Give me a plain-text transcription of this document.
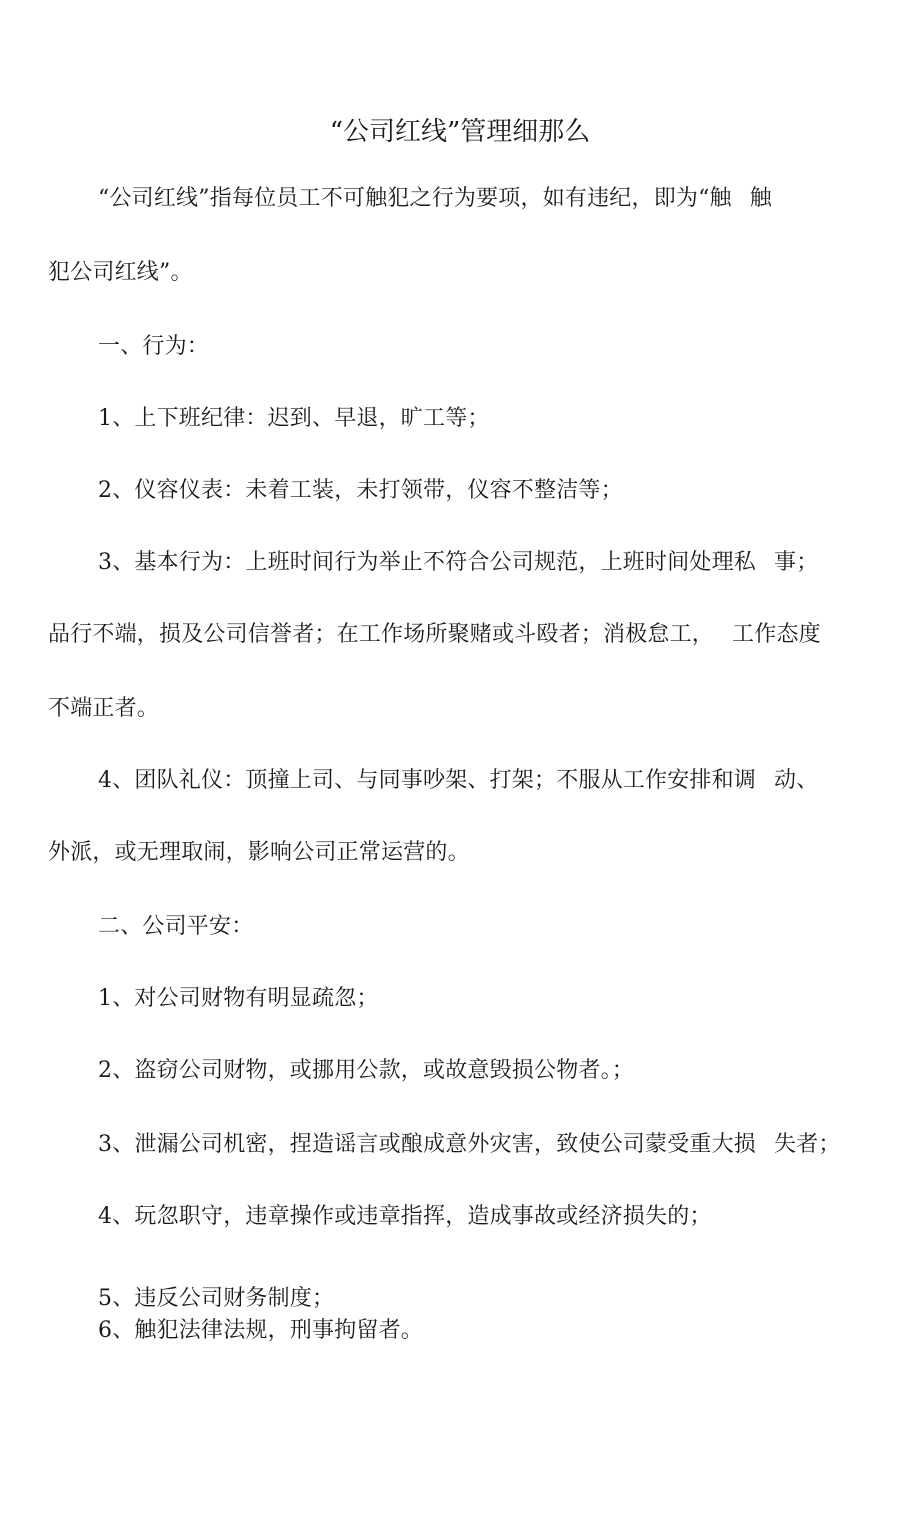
“公司红线”管理细那么
“公司红线”指每位员工不可触犯之行为要项，如有违纪，即为“触 触
犯公司红线”。
一、行为：
1、上下班纪律：迟到、早退，旷工等；
2、仪容仪表：未着工装，未打领带，仪容不整洁等；
3、基本行为：上班时间行为举止不符合公司规范，上班时间处理私 事；
品行不端，损及公司信誉者；在工作场所聚赌或斗殴者；消极怠工， 工作态度
不端正者。
4、团队礼仪：顶撞上司、与同事吵架、打架；不服从工作安排和调 动、
外派，或无理取闹，影响公司正常运营的。
二、公司平安：
1、对公司财物有明显疏忽；
2、盗窃公司财物，或挪用公款，或故意毁损公物者。；
3、泄漏公司机密，捏造谣言或酿成意外灾害，致使公司蒙受重大损 失者；
4、玩忽职守，违章操作或违章指挥，造成事故或经济损失的；
5、违反公司财务制度；
6、触犯法律法规，刑事拘留者。
